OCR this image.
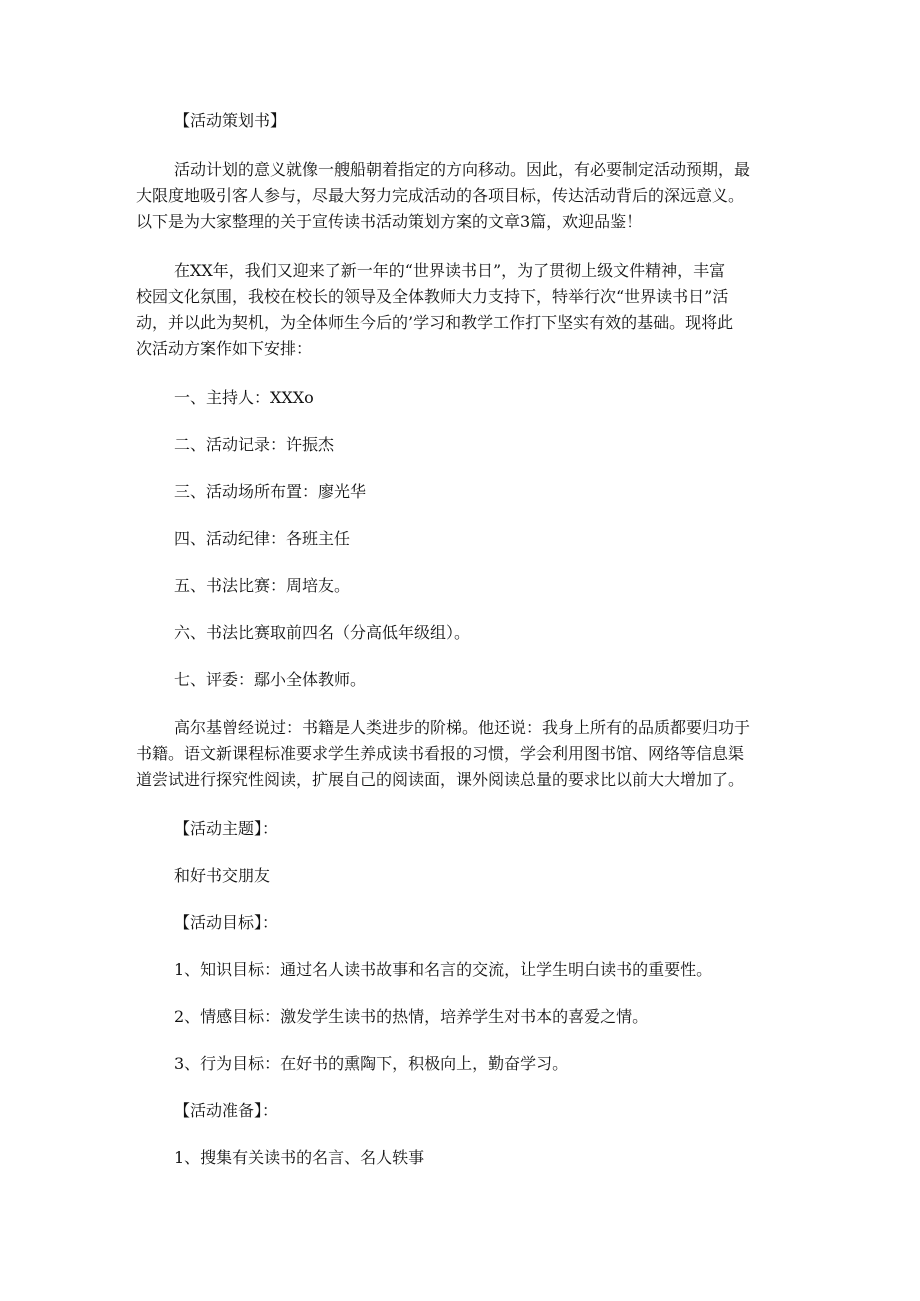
【活动策划书】
活动计划的意义就像一艘船朝着指定的方向移动。因此，有必要制定活动预期，最
大限度地吸引客人参与，尽最大努力完成活动的各项目标，传达活动背后的深远意义。
以下是为大家整理的关于宣传读书活动策划方案的文章3篇，欢迎品鉴！
在XX年，我们又迎来了新一年的“世界读书日”，为了贯彻上级文件精神，丰富
校园文化氛围，我校在校长的领导及全体教师大力支持下，特举行次“世界读书日”活
动，并以此为契机，为全体师生今后的’学习和教学工作打下坚实有效的基础。现将此
次活动方案作如下安排：
一、主持人：XXXo
二、活动记录：许振杰
三、活动场所布置：廖光华
四、活动纪律：各班主任
五、书法比赛：周培友。
六、书法比赛取前四名（分高低年级组）。
七、评委：鄢小全体教师。
高尔基曾经说过：书籍是人类进步的阶梯。他还说：我身上所有的品质都要归功于
书籍。语文新课程标准要求学生养成读书看报的习惯，学会利用图书馆、网络等信息渠
道尝试进行探究性阅读，扩展自己的阅读面，课外阅读总量的要求比以前大大增加了。
【活动主题】：
和好书交朋友
【活动目标】：
1、知识目标：通过名人读书故事和名言的交流，让学生明白读书的重要性。
2、情感目标：激发学生读书的热情，培养学生对书本的喜爱之情。
3、行为目标：在好书的熏陶下，积极向上，勤奋学习。
【活动准备】：
1、搜集有关读书的名言、名人轶事
